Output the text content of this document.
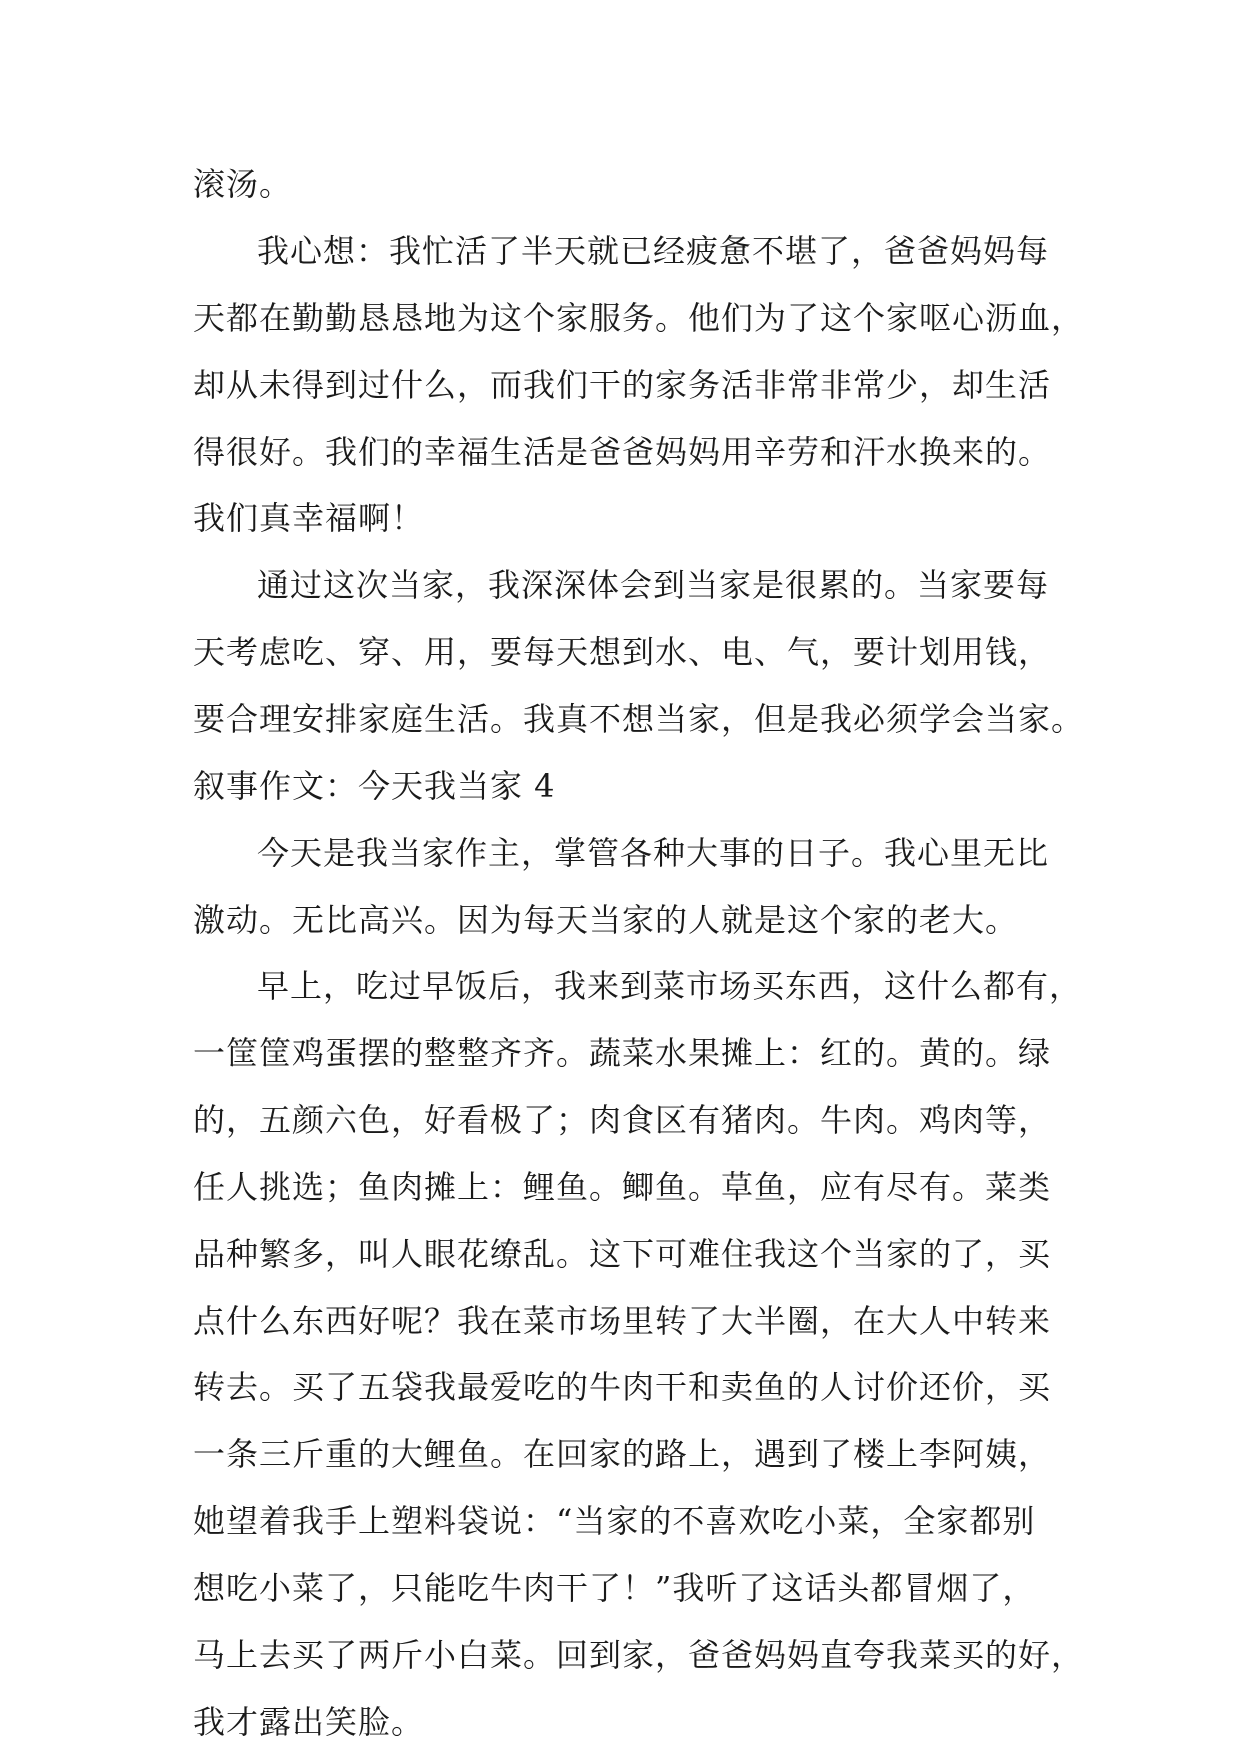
滚汤。
我心想：我忙活了半天就已经疲惫不堪了，爸爸妈妈每
天都在勤勤恳恳地为这个家服务。他们为了这个家呕心沥血，
却从未得到过什么，而我们干的家务活非常非常少，却生活
得很好。我们的幸福生活是爸爸妈妈用辛劳和汗水换来的。
我们真幸福啊！
通过这次当家，我深深体会到当家是很累的。当家要每
天考虑吃、穿、用，要每天想到水、电、气，要计划用钱，
要合理安排家庭生活。我真不想当家，但是我必须学会当家。
叙事作文：今天我当家 4
今天是我当家作主，掌管各种大事的日子。我心里无比
激动。无比高兴。因为每天当家的人就是这个家的老大。
早上，吃过早饭后，我来到菜市场买东西，这什么都有，
一筐筐鸡蛋摆的整整齐齐。蔬菜水果摊上：红的。黄的。绿
的，五颜六色，好看极了；肉食区有猪肉。牛肉。鸡肉等，
任人挑选；鱼肉摊上：鲤鱼。鲫鱼。草鱼，应有尽有。菜类
品种繁多，叫人眼花缭乱。这下可难住我这个当家的了，买
点什么东西好呢？我在菜市场里转了大半圈，在大人中转来
转去。买了五袋我最爱吃的牛肉干和卖鱼的人讨价还价，买
一条三斤重的大鲤鱼。在回家的路上，遇到了楼上李阿姨，
她望着我手上塑料袋说：“当家的不喜欢吃小菜，全家都别
想吃小菜了，只能吃牛肉干了！”我听了这话头都冒烟了，
马上去买了两斤小白菜。回到家，爸爸妈妈直夸我菜买的好，
我才露出笑脸。
